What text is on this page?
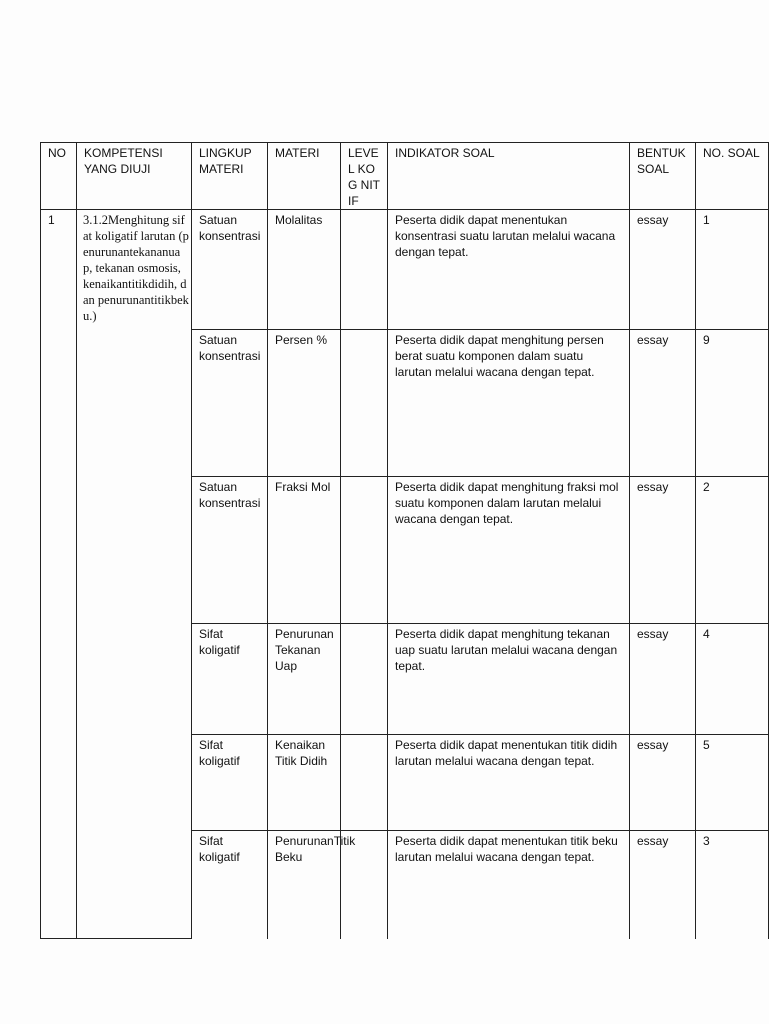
NO	KOMPETENSI YANG DIUJI	LINGKUP MATERI	MATERI	LEVE L KOG NITIF	INDIKATOR SOAL	BENTUK SOAL	NO. SOAL
1	3.1.2Menghitung sifat koligatif larutan (penurunantekananuap, tekanan osmosis, kenaikantitikdidih, dan penurunantitikbeku.)	Satuan konsentrasi	Molalitas		Peserta didik dapat menentukan konsentrasi suatu larutan melalui wacana dengan tepat.	essay	1
		Satuan konsentrasi	Persen %		Peserta didik dapat menghitung persen berat suatu komponen dalam suatu larutan melalui wacana dengan tepat.	essay	9
		Satuan konsentrasi	Fraksi Mol		Peserta didik dapat menghitung fraksi mol suatu komponen dalam larutan melalui wacana dengan tepat.	essay	2
		Sifat koligatif	Penurunan Tekanan Uap		Peserta didik dapat menghitung tekanan uap suatu larutan melalui wacana dengan tepat.	essay	4
		Sifat koligatif	Kenaikan Titik Didih		Peserta didik dapat menentukan titik didih larutan melalui wacana dengan tepat.	essay	5
		Sifat koligatif	PenurunanTitik Beku		Peserta didik dapat menentukan titik beku larutan melalui wacana dengan tepat.	essay	3
